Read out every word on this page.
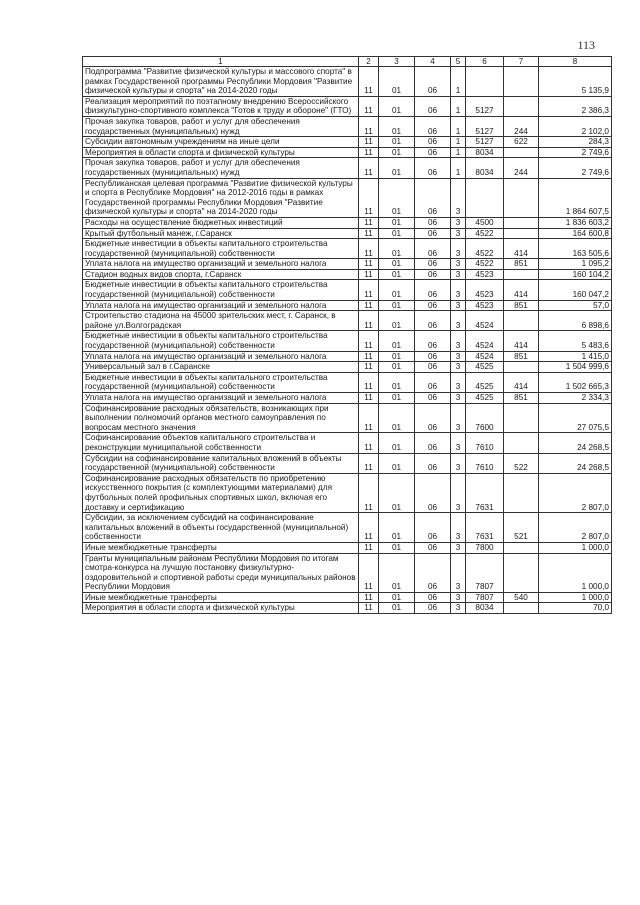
113
1	2	3	4	5	6	7	8
Подпрограмма "Развитие физической культуры и массового спорта" в рамках Государственной программы Республики Мордовия "Развитие физической культуры и спорта" на 2014-2020 годы	11	01	06	1			5 135,9
Реализация мероприятий по поэтапному внедрению Всероссийского физкультурно-спортивного комплекса "Готов к труду и обороне" (ГТО)	11	01	06	1	5127		2 386,3
Прочая закупка товаров, работ и услуг для обеспечения государственных (муниципальных) нужд	11	01	06	1	5127	244	2 102,0
Субсидии автономным учреждениям на иные цели	11	01	06	1	5127	622	284,3
Мероприятия в области спорта и физической культуры	11	01	06	1	8034		2 749,6
Прочая закупка товаров, работ и услуг для обеспечения государственных (муниципальных) нужд	11	01	06	1	8034	244	2 749,6
Республиканская целевая программа "Развитие физической культуры и спорта в Республике Мордовия" на 2012-2016 годы в рамках Государственной программы Республики Мордовия "Развитие физической культуры и спорта" на 2014-2020 годы	11	01	06	3			1 864 607,5
Расходы на осуществление бюджетных инвестиций	11	01	06	3	4500		1 836 603,2
Крытый футбольный манеж, г.Саранск	11	01	06	3	4522		164 600,8
Бюджетные инвестиции в объекты капитального строительства государственной (муниципальной) собственности	11	01	06	3	4522	414	163 505,6
Уплата налога на имущество организаций и земельного налога	11	01	06	3	4522	851	1 095,2
Стадион водных видов спорта, г.Саранск	11	01	06	3	4523		160 104,2
Бюджетные инвестиции в объекты капитального строительства государственной (муниципальной) собственности	11	01	06	3	4523	414	160 047,2
Уплата налога на имущество организаций и земельного налога	11	01	06	3	4523	851	57,0
Строительство стадиона на 45000 зрительских мест, г. Саранск, в районе ул.Волгоградская	11	01	06	3	4524		6 898,6
Бюджетные инвестиции в объекты капитального строительства государственной (муниципальной) собственности	11	01	06	3	4524	414	5 483,6
Уплата налога на имущество организаций и земельного налога	11	01	06	3	4524	851	1 415,0
Универсальный зал в г.Саранске	11	01	06	3	4525		1 504 999,6
Бюджетные инвестиции в объекты капитального строительства государственной (муниципальной) собственности	11	01	06	3	4525	414	1 502 665,3
Уплата налога на имущество организаций и земельного налога	11	01	06	3	4525	851	2 334,3
Софинансирование расходных обязательств, возникающих при выполнении полномочий органов местного самоуправления по вопросам местного значения	11	01	06	3	7600		27 075,5
Софинансирование объектов капитального строительства и реконструкции муниципальной собственности	11	01	06	3	7610		24 268,5
Субсидии на софинансирование капитальных вложений в объекты государственной (муниципальной) собственности	11	01	06	3	7610	522	24 268,5
Софинансирование расходных обязательств по приобретению искусственного покрытия (с комплектующими материалами) для футбольных полей профильных спортивных школ, включая его доставку и сертификацию	11	01	06	3	7631		2 807,0
Субсидии, за исключением субсидий на софинансирование капитальных вложений в объекты государственной (муниципальной) собственности	11	01	06	3	7631	521	2 807,0
Иные межбюджетные трансферты	11	01	06	3	7800		1 000,0
Гранты муниципальным районам Республики Мордовия по итогам смотра-конкурса на лучшую постановку физкультурно-оздоровительной и спортивной работы среди муниципальных районов Республики Мордовия	11	01	06	3	7807		1 000,0
Иные межбюджетные трансферты	11	01	06	3	7807	540	1 000,0
Мероприятия в области спорта и физической культуры	11	01	06	3	8034		70,0
